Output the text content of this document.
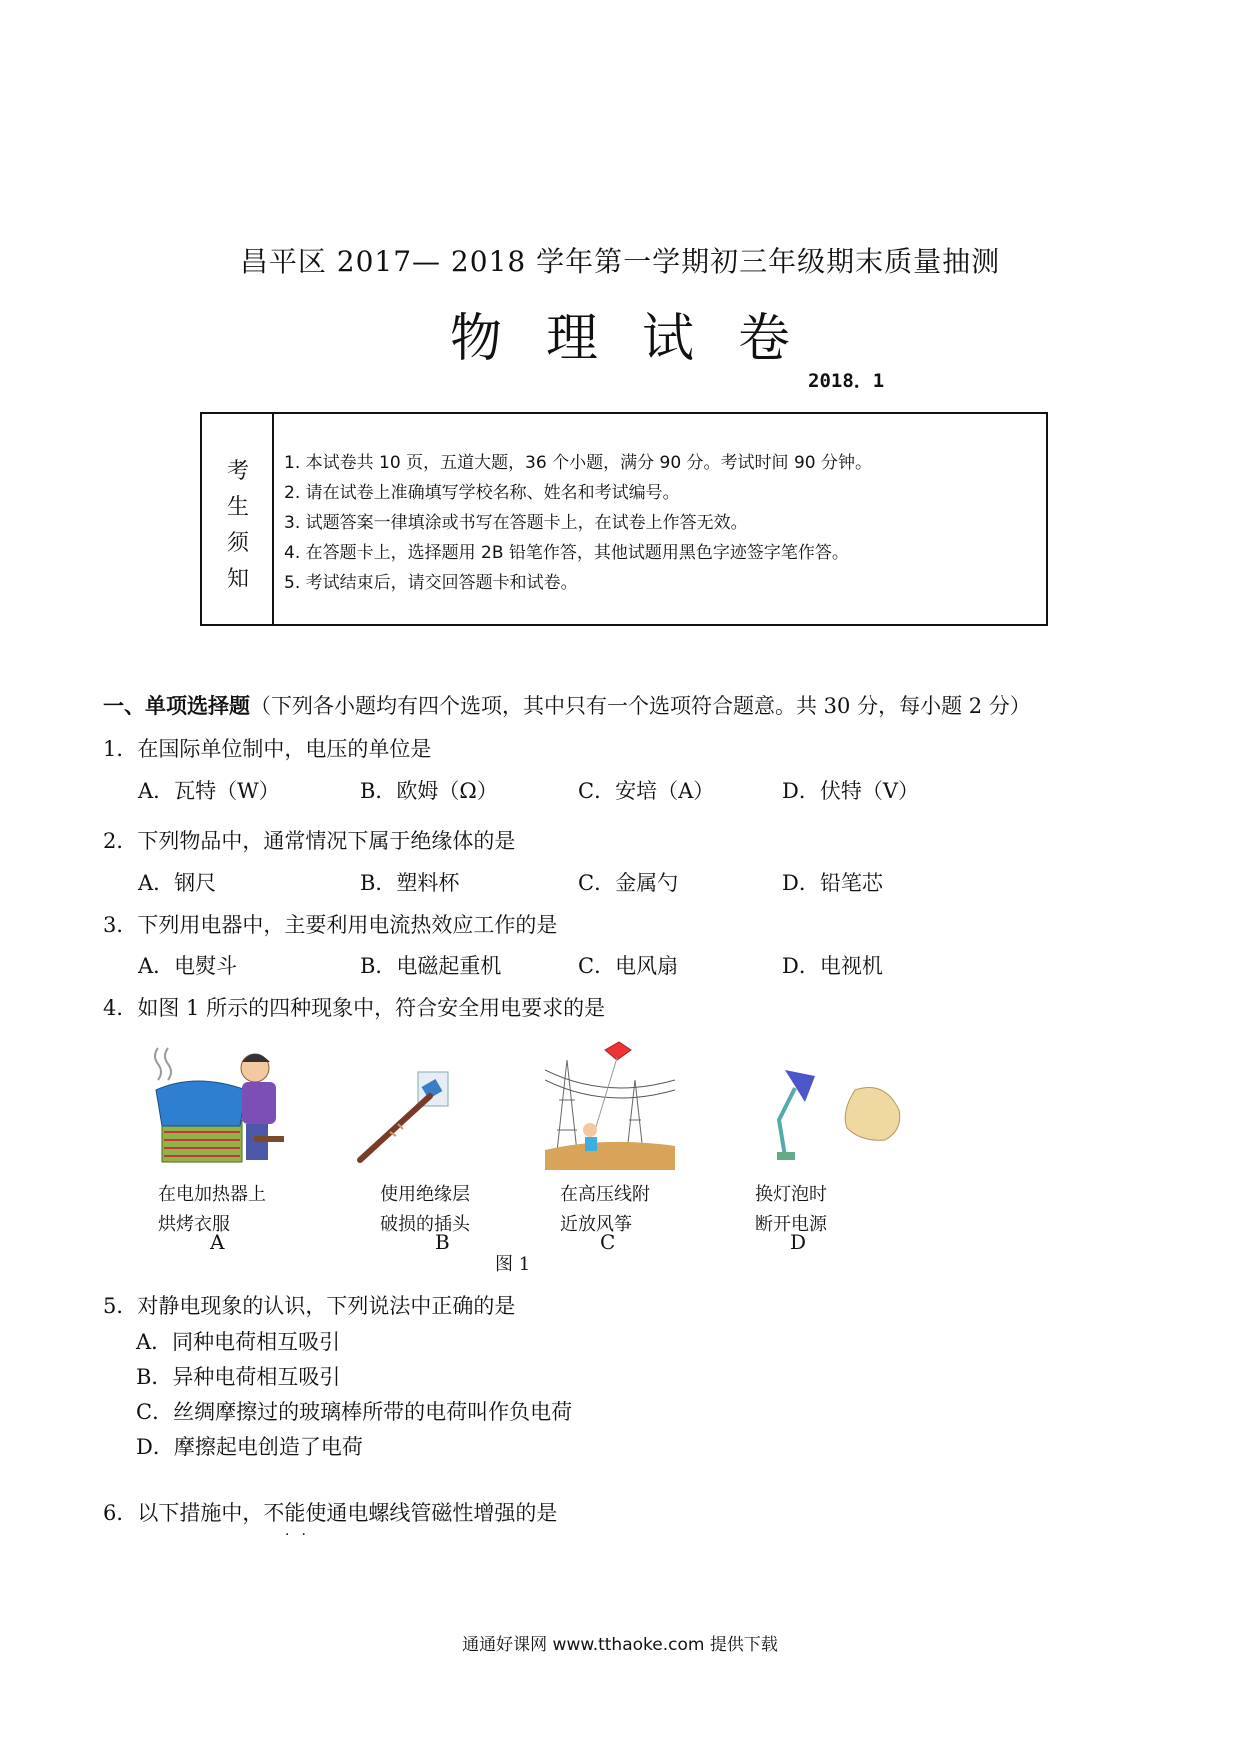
昌平区 2017— 2018 学年第一学期初三年级期末质量抽测
物理试卷
2018．1
考
生
须
知
1. 本试卷共 10 页，五道大题，36 个小题，满分 90 分。考试时间 90 分钟。
2. 请在试卷上准确填写学校名称、姓名和考试编号。
3. 试题答案一律填涂或书写在答题卡上，在试卷上作答无效。
4. 在答题卡上，选择题用 2B 铅笔作答，其他试题用黑色字迹签字笔作答。
5. 考试结束后，请交回答题卡和试卷。
一、单项选择题（下列各小题均有四个选项，其中只有一个选项符合题意。共 30 分，每小题 2 分）
1．在国际单位制中，电压的单位是
A．瓦特（W）	B．欧姆（Ω）	C．安培（A）	D．伏特（V）
2．下列物品中，通常情况下属于绝缘体的是
A．钢尺	B．塑料杯	C．金属勺	D．铅笔芯
3．下列用电器中，主要利用电流热效应工作的是
A．电熨斗	B．电磁起重机	C．电风扇	D．电视机
4．如图 1 所示的四种现象中，符合安全用电要求的是
在电加热器上
烘烤衣服
A
使用绝缘层
破损的插头
B
在高压线附
近放风筝
C
换灯泡时
断开电源
D
图 1
5．对静电现象的认识，下列说法中正确的是
A．同种电荷相互吸引
B．异种电荷相互吸引
C．丝绸摩擦过的玻璃棒所带的电荷叫作负电荷
D．摩擦起电创造了电荷
6．以下措施中，不能使通电螺线管磁性增强的是
··
通通好课网 www.tthaoke.com 提供下载
